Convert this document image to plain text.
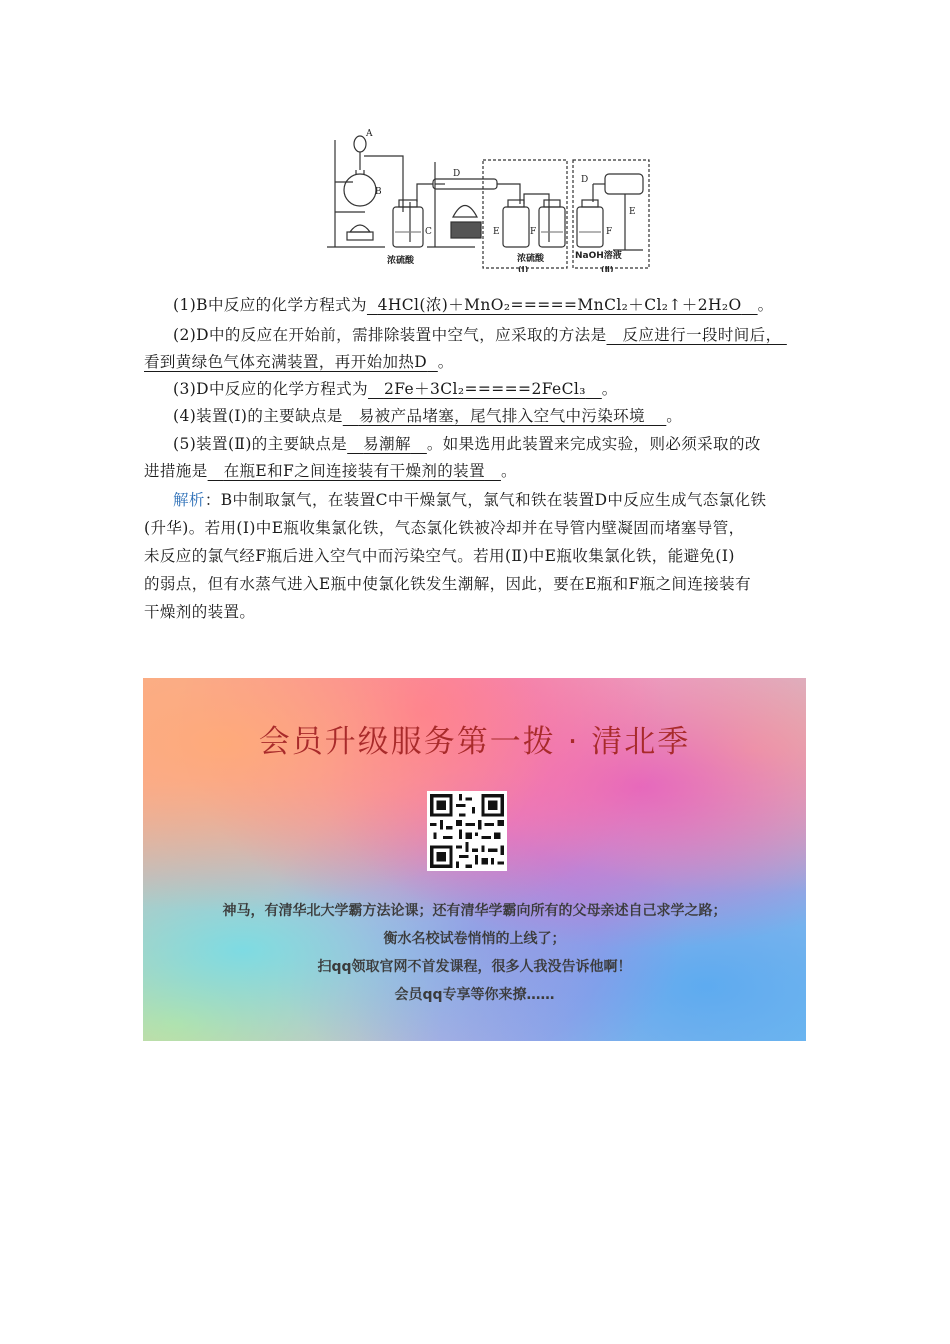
A
B
C
D
E	F
D
F
E
浓硫酸	浓硫酸	NaOH溶液
(Ⅰ)	(Ⅱ)
(1)B中反应的化学方程式为 4HCl(浓)＋MnO₂=====MnCl₂＋Cl₂↑＋2H₂O 。
(2)D中的反应在开始前，需排除装置中空气，应采取的方法是 反应进行一段时间后，
看到黄绿色气体充满装置，再开始加热D 。
(3)D中反应的化学方程式为 2Fe＋3Cl₂=====2FeCl₃ 。
(4)装置(Ⅰ)的主要缺点是 易被产品堵塞，尾气排入空气中污染环境 。
(5)装置(Ⅱ)的主要缺点是 易潮解 。如果选用此装置来完成实验，则必须采取的改
进措施是 在瓶E和F之间连接装有干燥剂的装置 。
解析：B中制取氯气，在装置C中干燥氯气，氯气和铁在装置D中反应生成气态氯化铁
(升华)。若用(Ⅰ)中E瓶收集氯化铁，气态氯化铁被冷却并在导管内壁凝固而堵塞导管，
未反应的氯气经F瓶后进入空气中而污染空气。若用(Ⅱ)中E瓶收集氯化铁，能避免(Ⅰ)
的弱点，但有水蒸气进入E瓶中使氯化铁发生潮解，因此，要在E瓶和F瓶之间连接装有
干燥剂的装置。
会员升级服务第一拨 · 清北季
神马，有清华北大学霸方法论课；还有清华学霸向所有的父母亲述自己求学之路；
衡水名校试卷悄悄的上线了；
扫qq领取官网不首发课程，很多人我没告诉他啊！
会员qq专享等你来撩……
